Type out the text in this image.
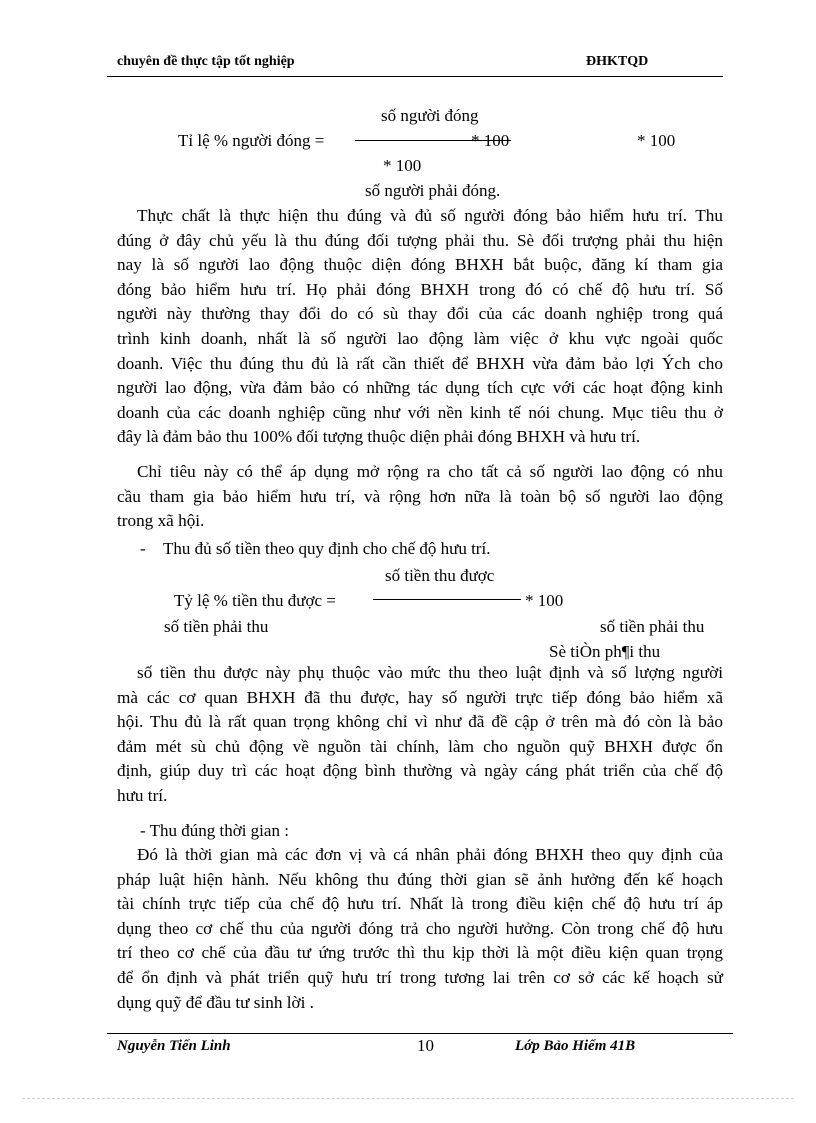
chuyên đề thực tập tốt nghiệp	ĐHKTQD
số người đóng
Tỉ lệ % người đóng =	* 100	* 100
* 100
số người phải đóng.
Thực chất là thực hiện thu đúng và đủ số người đóng bảo hiểm hưu trí. Thu
đúng ở đây chủ yếu là thu đúng đối tượng phải thu. Sè đối trượng phải thu hiện
nay là số người lao động thuộc diện đóng BHXH bắt buộc, đăng kí tham gia
đóng bảo hiểm hưu trí. Họ phải đóng BHXH trong đó có chế độ hưu trí. Số
người này thường thay đổi do có sù thay đổi của các doanh nghiệp trong quá
trình kinh doanh, nhất là số người lao động làm việc ở khu vực ngoài quốc
doanh. Việc thu đúng thu đủ là rất cần thiết để BHXH vừa đảm bảo lợi Ých cho
người lao động, vừa đảm bảo có những tác dụng tích cực với các hoạt động kinh
doanh của các doanh nghiệp cũng như với nền kinh tế nói chung. Mục tiêu thu ở
đây là đảm bảo thu 100% đối tượng thuộc diện phải đóng BHXH và hưu trí.
Chỉ tiêu này có thể áp dụng mở rộng ra cho tất cả số người lao động có nhu
cầu tham gia bảo hiểm hưu trí, và rộng hơn nữa là toàn bộ số người lao động
trong xã hội.
- Thu đủ số tiền theo quy định cho chế độ hưu trí.
số tiền thu được
Tỷ lệ % tiền thu được =	* 100
số tiền phải thu	số tiền phải thu
Sè tiÒn ph¶i thu
số tiền thu được này phụ thuộc vào mức thu theo luật định và số lượng người
mà các cơ quan BHXH đã thu được, hay số người trực tiếp đóng bảo hiểm xã
hội. Thu đủ là rất quan trọng không chỉ vì như đã đề cập ở trên mà đó còn là bảo
đảm mét sù chủ động về nguồn tài chính, làm cho nguồn quỹ BHXH được ổn
định, giúp duy trì các hoạt động bình thường và ngày cáng phát triển của chế độ
hưu trí.
- Thu đúng thời gian :
Đó là thời gian mà các đơn vị và cá nhân phải đóng BHXH theo quy định của
pháp luật hiện hành. Nếu không thu đúng thời gian sẽ ảnh hưởng đến kế hoạch
tài chính trực tiếp của chế độ hưu trí. Nhất là trong điều kiện chế độ hưu trí áp
dụng theo cơ chế thu của người đóng trả cho người hưởng. Còn trong chế độ hưu
trí theo cơ chế của đầu tư ứng trước thì thu kịp thời là một điều kiện quan trọng
để ổn định và phát triển quỹ hưu trí trong tương lai trên cơ sở các kế hoạch sử
dụng quỹ để đầu tư sinh lời .
Nguyễn Tiến Linh	10	Lớp Bảo Hiểm 41B
